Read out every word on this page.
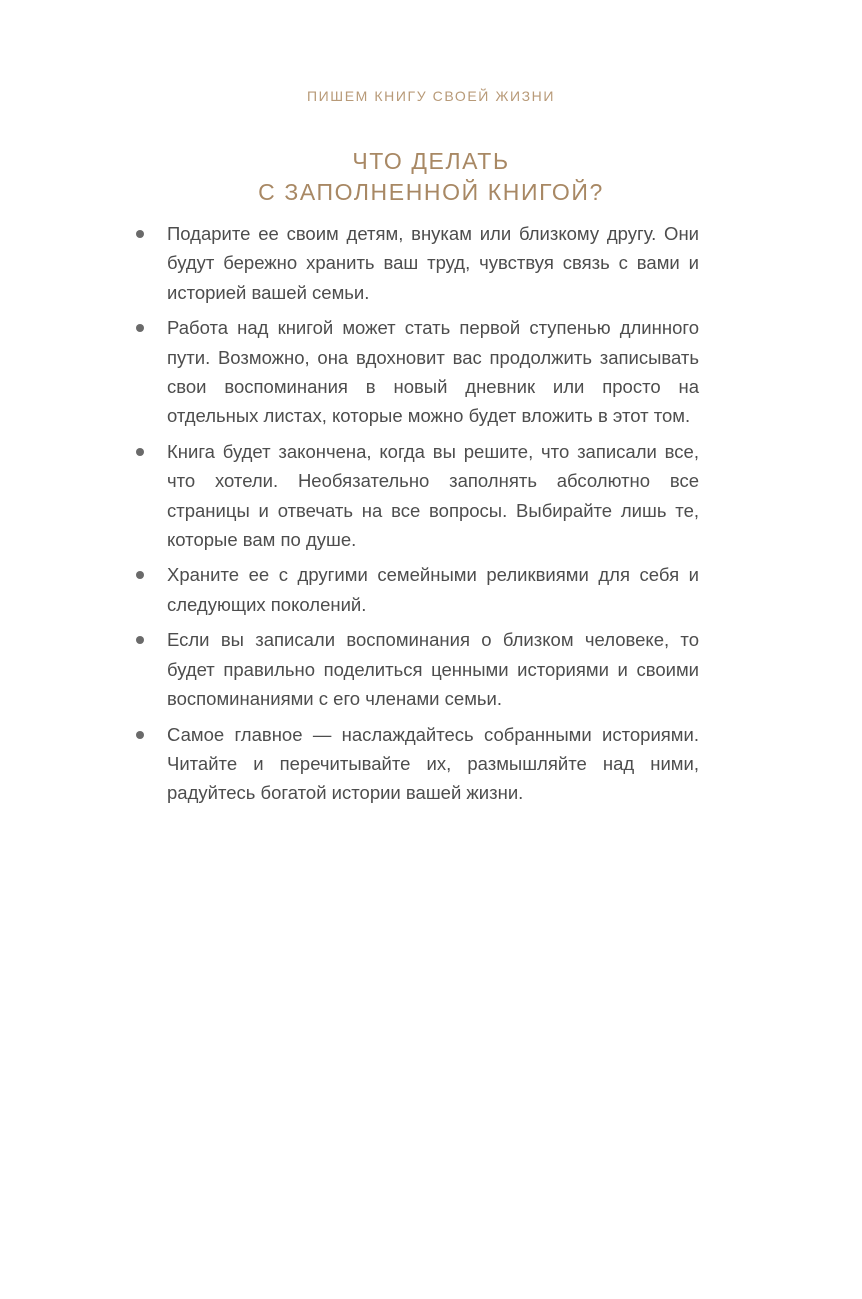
ПИШЕМ КНИГУ СВОЕЙ ЖИЗНИ
ЧТО ДЕЛАТЬ
С ЗАПОЛНЕННОЙ КНИГОЙ?
Подарите ее своим детям, внукам или близкому другу. Они будут бережно хранить ваш труд, чувствуя связь с вами и историей вашей семьи.
Работа над книгой может стать первой ступенью длинного пути. Возможно, она вдохновит вас продолжить записывать свои воспоминания в новый дневник или просто на отдельных листах, которые можно будет вложить в этот том.
Книга будет закончена, когда вы решите, что записали все, что хотели. Необязательно заполнять абсолютно все страницы и отвечать на все вопросы. Выбирайте лишь те, которые вам по душе.
Храните ее с другими семейными реликвиями для себя и следующих поколений.
Если вы записали воспоминания о близком человеке, то будет правильно поделиться ценными историями и своими воспоминаниями с его членами семьи.
Самое главное — наслаждайтесь собранными историями. Читайте и перечитывайте их, размышляйте над ними, радуйтесь богатой истории вашей жизни.
